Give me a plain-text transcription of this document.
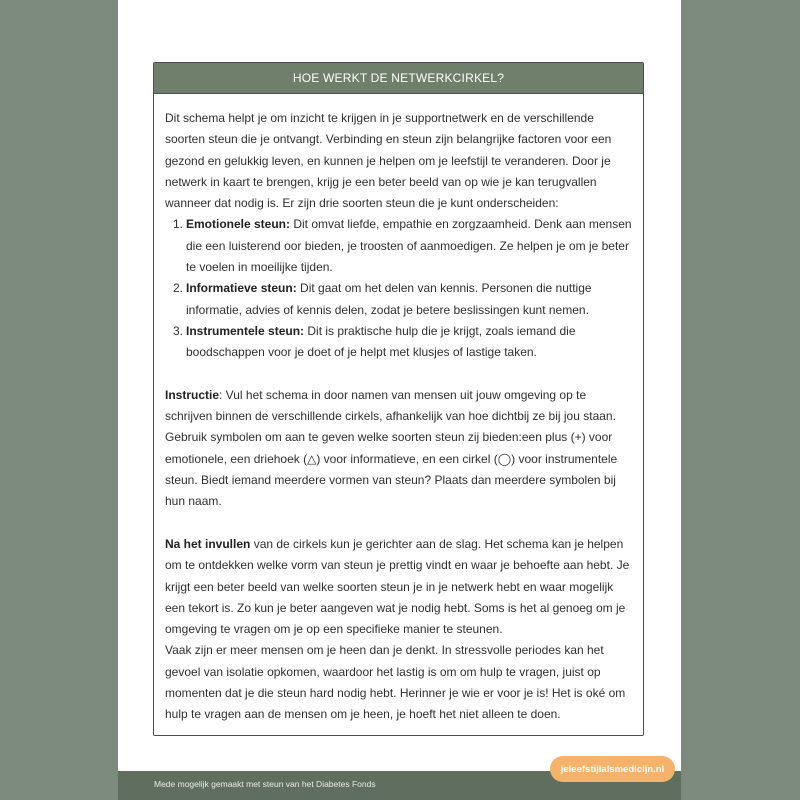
HOE WERKT DE NETWERKCIRKEL?

Dit schema helpt je om inzicht te krijgen in je supportnetwerk en de verschillende soorten steun die je ontvangt. Verbinding en steun zijn belangrijke factoren voor een gezond en gelukkig leven, en kunnen je helpen om je leefstijl te veranderen. Door je netwerk in kaart te brengen, krijg je een beter beeld van op wie je kan terugvallen wanneer dat nodig is. Er zijn drie soorten steun die je kunt onderscheiden:

1. Emotionele steun: Dit omvat liefde, empathie en zorgzaamheid. Denk aan mensen die een luisterend oor bieden, je troosten of aanmoedigen. Ze helpen je om je beter te voelen in moeilijke tijden.
2. Informatieve steun: Dit gaat om het delen van kennis. Personen die nuttige informatie, advies of kennis delen, zodat je betere beslissingen kunt nemen.
3. Instrumentele steun: Dit is praktische hulp die je krijgt, zoals iemand die boodschappen voor je doet of je helpt met klusjes of lastige taken.

Instructie: Vul het schema in door namen van mensen uit jouw omgeving op te schrijven binnen de verschillende cirkels, afhankelijk van hoe dichtbij ze bij jou staan. Gebruik symbolen om aan te geven welke soorten steun zij bieden:een plus (+) voor emotionele, een driehoek (△) voor informatieve, en een cirkel (◯) voor instrumentele steun. Biedt iemand meerdere vormen van steun? Plaats dan meerdere symbolen bij hun naam.

Na het invullen van de cirkels kun je gerichter aan de slag. Het schema kan je helpen om te ontdekken welke vorm van steun je prettig vindt en waar je behoefte aan hebt. Je krijgt een beter beeld van welke soorten steun je in je netwerk hebt en waar mogelijk een tekort is. Zo kun je beter aangeven wat je nodig hebt. Soms is het al genoeg om je omgeving te vragen om je op een specifieke manier te steunen.

Vaak zijn er meer mensen om je heen dan je denkt. In stressvolle periodes kan het gevoel van isolatie opkomen, waardoor het lastig is om om hulp te vragen, juist op momenten dat je die steun hard nodig hebt. Herinner je wie er voor je is! Het is oké om hulp te vragen aan de mensen om je heen, je hoeft het niet alleen te doen.

Mede mogelijk gemaakt met steun van het Diabetes Fonds
jeleefstijlalsmedicijn.nl
